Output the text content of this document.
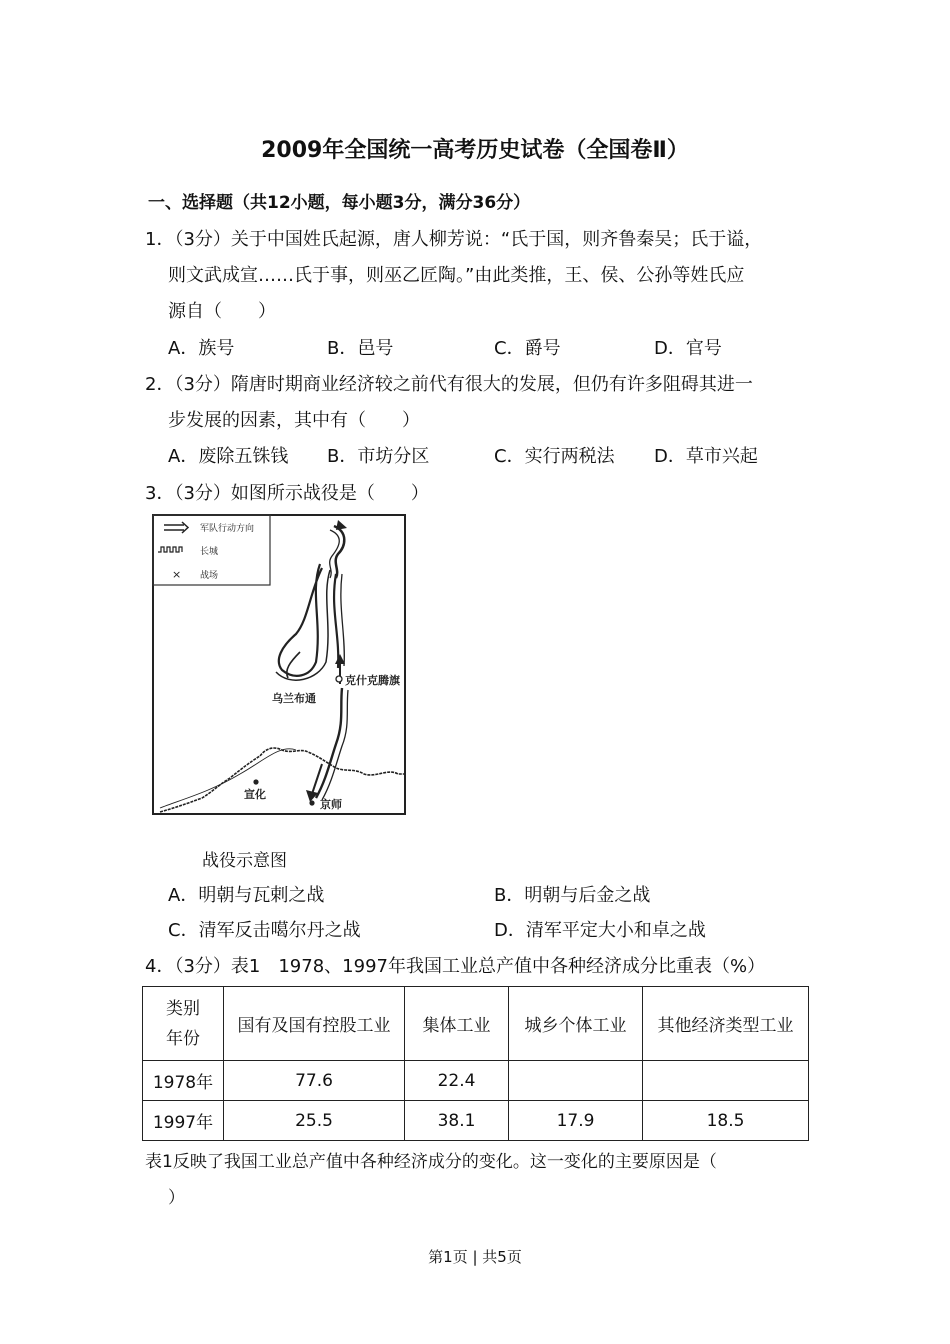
2009年全国统一高考历史试卷（全国卷Ⅱ）
一、选择题（共12小题，每小题3分，满分36分）
1．（3分）关于中国姓氏起源，唐人柳芳说：“氏于国，则齐鲁秦吴；氏于谥，
则文武成宣……氏于事，则巫乙匠陶。”由此类推，王、侯、公孙等姓氏应
源自（　　）
A．族号	B．邑号	C．爵号	D．官号
2．（3分）隋唐时期商业经济较之前代有很大的发展，但仍有许多阻碍其进一
步发展的因素，其中有（　　）
A．废除五铢钱 B．市坊分区	C．实行两税法 D．草市兴起
3．（3分）如图所示战役是（　　）
军队行动方向
长城
× 战场
克什克腾旗
乌兰布通
宣化
京师
战役示意图
A．明朝与瓦剌之战	B．明朝与后金之战
C．清军反击噶尔丹之战	D．清军平定大小和卓之战
4．（3分）表1　1978、1997年我国工业总产值中各种经济成分比重表（%）
类别
年份	国有及国有控股工业	集体工业	城乡个体工业	其他经济类型工业
1978年	77.6	22.4		
1997年	25.5	38.1	17.9	18.5
表1反映了我国工业总产值中各种经济成分的变化。这一变化的主要原因是（
）
第1页 | 共5页
